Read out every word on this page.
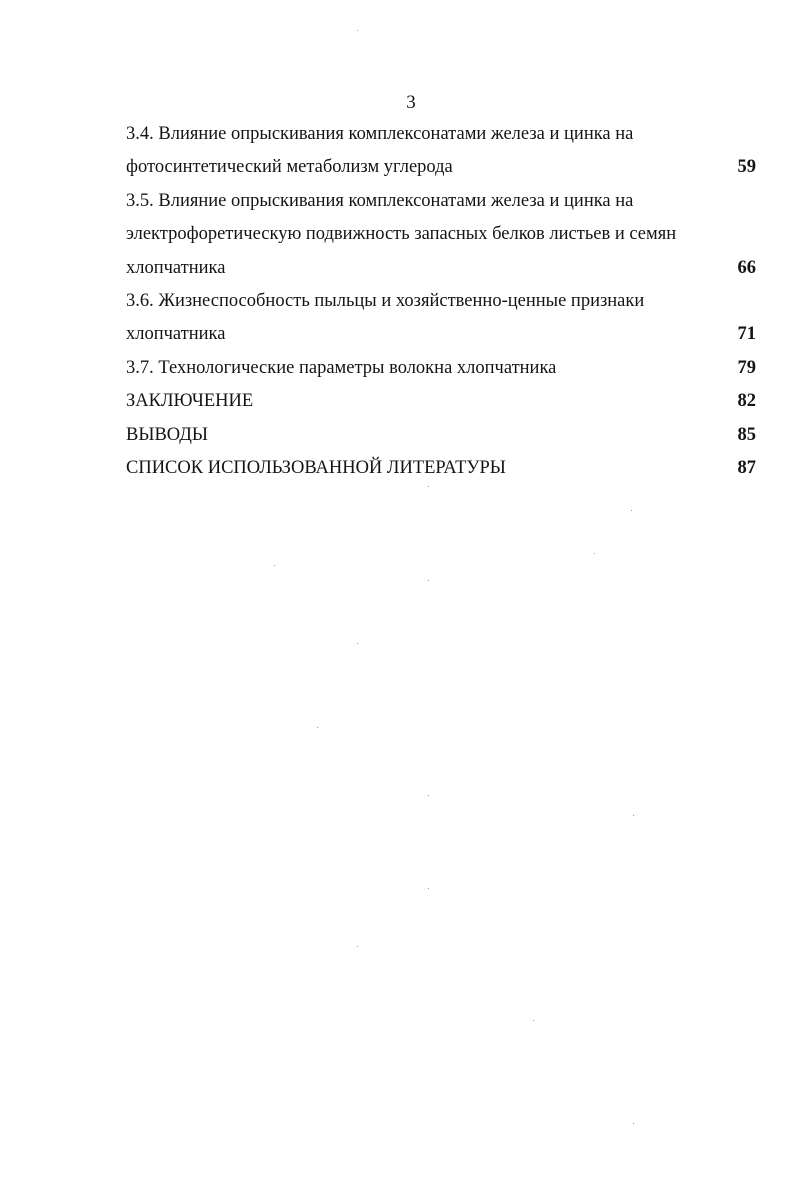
3
3.4. Влияние опрыскивания комплексонатами железа и цинка на
фотосинтетический метаболизм углерода	59
3.5. Влияние опрыскивания комплексонатами железа и цинка на
электрофоретическую подвижность запасных белков листьев и семян
хлопчатника	66
3.6. Жизнеспособность пыльцы и хозяйственно-ценные признаки
хлопчатника	71
3.7. Технологические параметры волокна хлопчатника	79
ЗАКЛЮЧЕНИЕ	82
ВЫВОДЫ	85
СПИСОК ИСПОЛЬЗОВАННОЙ ЛИТЕРАТУРЫ	87
